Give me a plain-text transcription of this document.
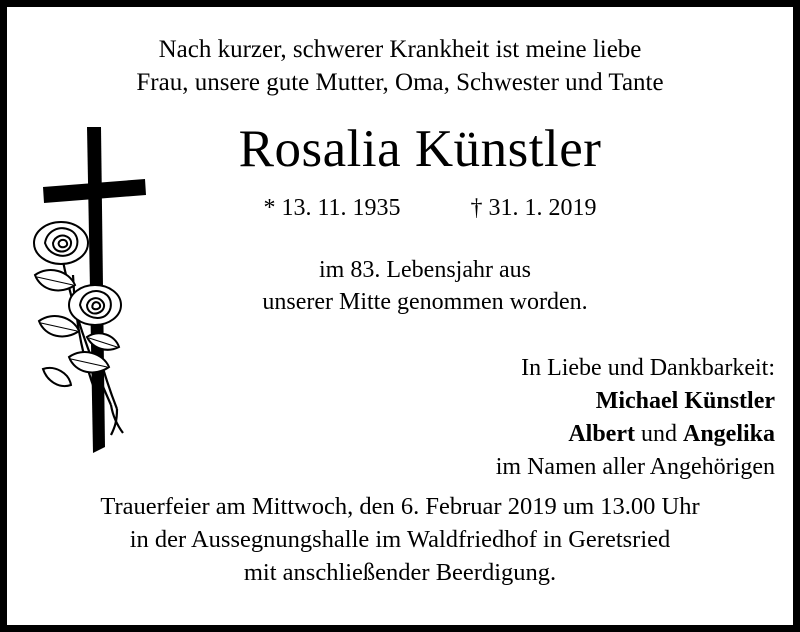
Nach kurzer, schwerer Krankheit ist meine liebe
Frau, unsere gute Mutter, Oma, Schwester und Tante
Rosalia Künstler
* 13. 11. 1935	† 31. 1. 2019
im 83. Lebensjahr aus
unserer Mitte genommen worden.
In Liebe und Dankbarkeit:
Michael Künstler
Albert und Angelika
im Namen aller Angehörigen
Trauerfeier am Mittwoch, den 6. Februar 2019 um 13.00 Uhr
in der Aussegnungshalle im Waldfriedhof in Geretsried
mit anschließender Beerdigung.
